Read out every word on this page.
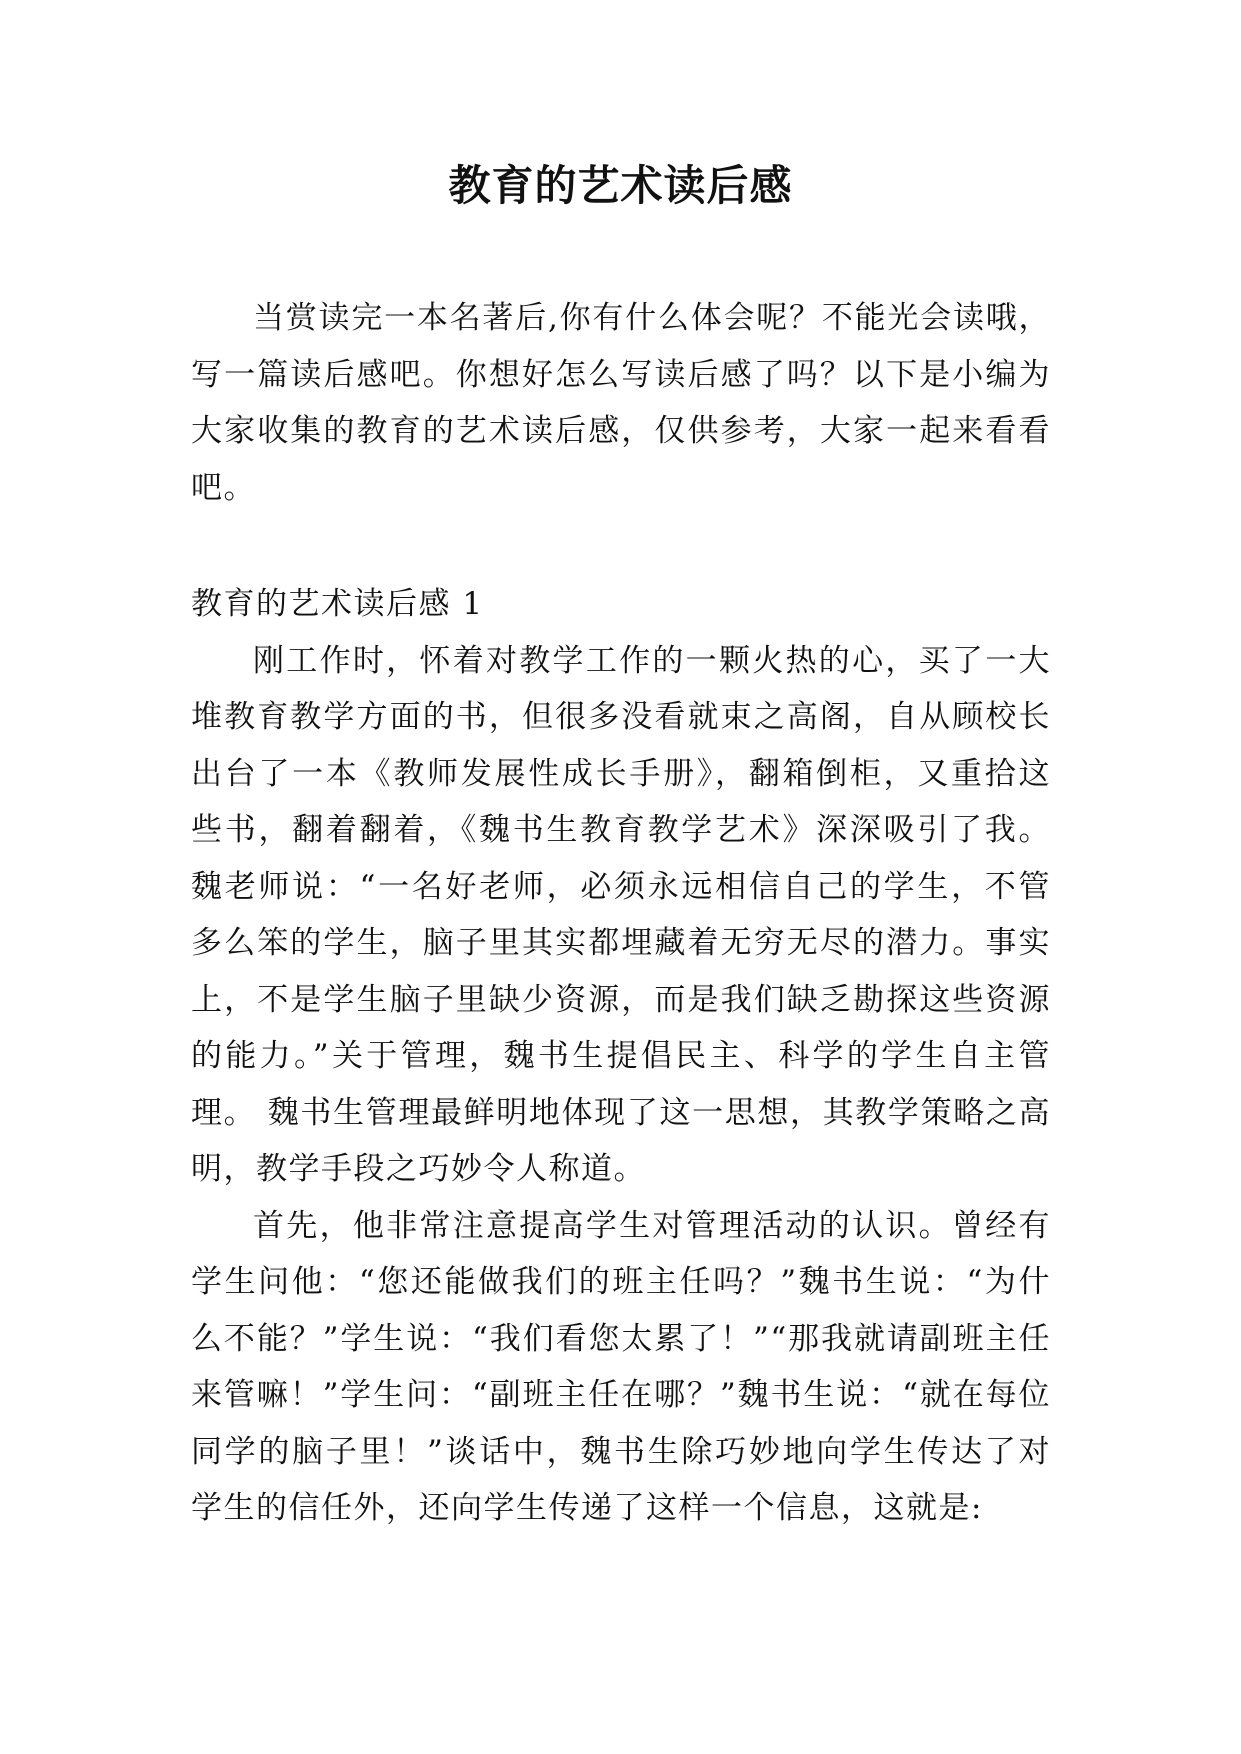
教育的艺术读后感

当赏读完一本名著后,你有什么体会呢？不能光会读哦，写一篇读后感吧。你想好怎么写读后感了吗？以下是小编为大家收集的教育的艺术读后感，仅供参考，大家一起来看看吧。

教育的艺术读后感 1

刚工作时，怀着对教学工作的一颗火热的心，买了一大堆教育教学方面的书，但很多没看就束之高阁，自从顾校长出台了一本《教师发展性成长手册》，翻箱倒柜，又重拾这些书，翻着翻着，《魏书生教育教学艺术》深深吸引了我。魏老师说：“一名好老师，必须永远相信自己的学生，不管多么笨的学生，脑子里其实都埋藏着无穷无尽的潜力。事实上，不是学生脑子里缺少资源，而是我们缺乏勘探这些资源的能力。”关于管理，魏书生提倡民主、科学的学生自主管理。 魏书生管理最鲜明地体现了这一思想，其教学策略之高明，教学手段之巧妙令人称道。

首先，他非常注意提高学生对管理活动的认识。曾经有学生问他：“您还能做我们的班主任吗？”魏书生说：“为什么不能？”学生说：“我们看您太累了！”“那我就请副班主任来管嘛！”学生问：“副班主任在哪？”魏书生说：“就在每位同学的脑子里！”谈话中，魏书生除巧妙地向学生传达了对学生的信任外，还向学生传递了这样一个信息，这就是:
